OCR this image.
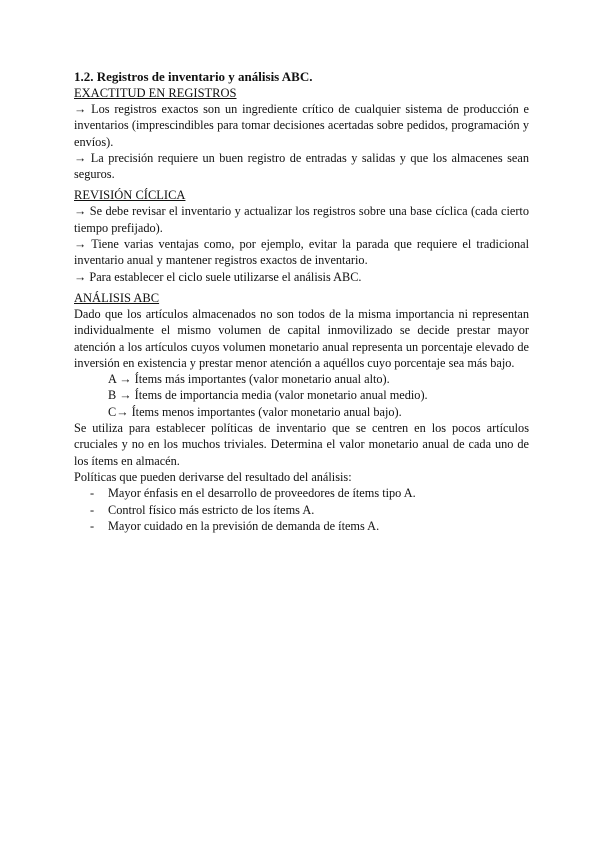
1.2. Registros de inventario y análisis ABC.
EXACTITUD EN REGISTROS

→ Los registros exactos son un ingrediente crítico de cualquier sistema de producción e inventarios (imprescindibles para tomar decisiones acertadas sobre pedidos, programación y envíos).

→ La precisión requiere un buen registro de entradas y salidas y que los almacenes sean seguros.

REVISIÓN CÍCLICA

→ Se debe revisar el inventario y actualizar los registros sobre una base cíclica (cada cierto tiempo prefijado).

→ Tiene varias ventajas como, por ejemplo, evitar la parada que requiere el tradicional inventario anual y mantener registros exactos de inventario.

→ Para establecer el ciclo suele utilizarse el análisis ABC.

ANÁLISIS ABC

Dado que los artículos almacenados no son todos de la misma importancia ni representan individualmente el mismo volumen de capital inmovilizado se decide prestar mayor atención a los artículos cuyos volumen monetario anual representa un porcentaje elevado de inversión en existencia y prestar menor atención a aquéllos cuyo porcentaje sea más bajo.

A → Ítems más importantes (valor monetario anual alto).
B → Ítems de importancia media (valor monetario anual medio).
C→ Ítems menos importantes (valor monetario anual bajo).

Se utiliza para establecer políticas de inventario que se centren en los pocos artículos cruciales y no en los muchos triviales. Determina el valor monetario anual de cada uno de los ítems en almacén.

Políticas que pueden derivarse del resultado del análisis:

- Mayor énfasis en el desarrollo de proveedores de ítems tipo A.
- Control físico más estricto de los ítems A.
- Mayor cuidado en la previsión de demanda de ítems A.
